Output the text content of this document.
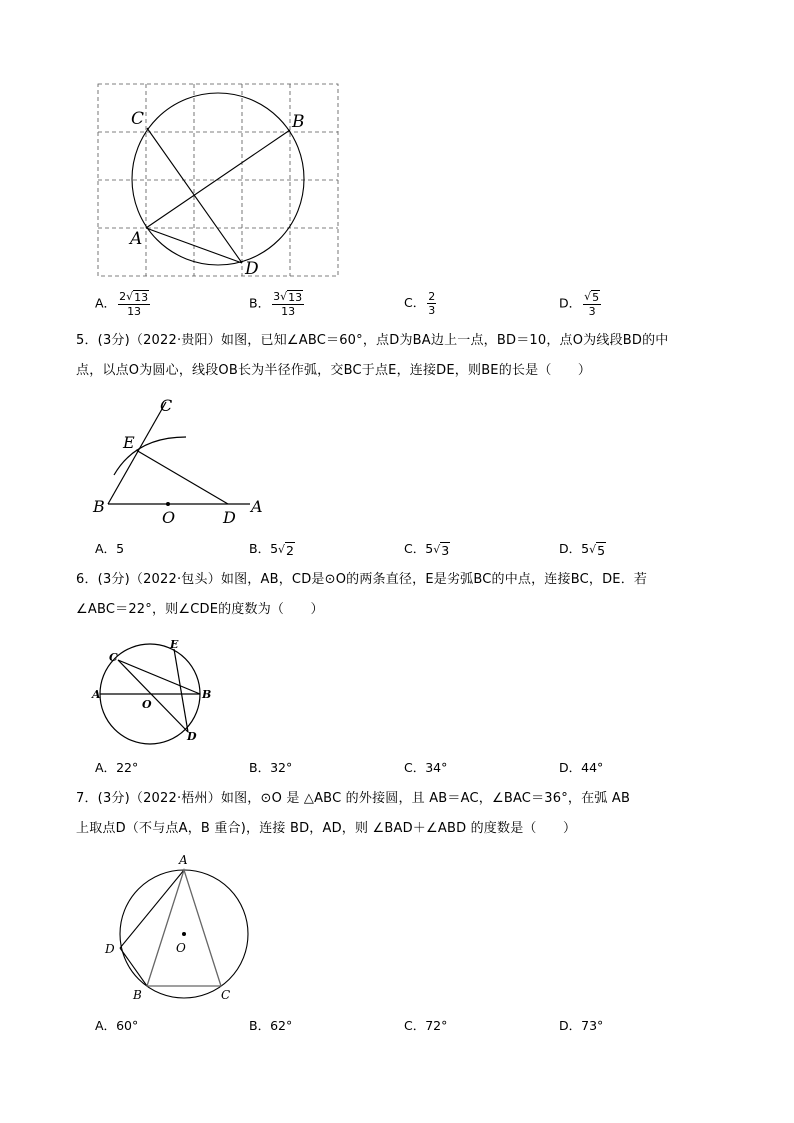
C	B
A
D
A． $\frac{2 √ 13}{13}$	B． $\frac{3 √ 13}{13}$	C． $\frac{2}{3}$	D． $\frac{√ 5}{3}$
5．(3分)（2022·贵阳）如图，已知∠ABC＝60°，点D为BA边上一点，BD＝10，点O为线段BD的中
点，以点O为圆心，线段OB长为半径作弧，交BC于点E，连接DE，则BE的长是（　　）
C
E
B
O	D
A
A．5	B．5 √ 2	C．5 √ 3	D．5 √ 5
6．(3分)（2022·包头）如图，AB，CD是⊙O的两条直径，E是劣弧BC的中点，连接BC，DE．若
∠ABC＝22°，则∠CDE的度数为（　　）
C
E
A
O
B
D
A．22°	B．32°	C．34°	D．44°
7．(3分)（2022·梧州）如图，⊙O 是 △ABC 的外接圆，且 AB＝AC，∠BAC＝36°，在弧 AB
上取点D（不与点A，B 重合)，连接 BD，AD，则 ∠BAD＋∠ABD 的度数是（　　）
A
D	O
B	C
A．60°	B．62°	C．72°	D．73°
